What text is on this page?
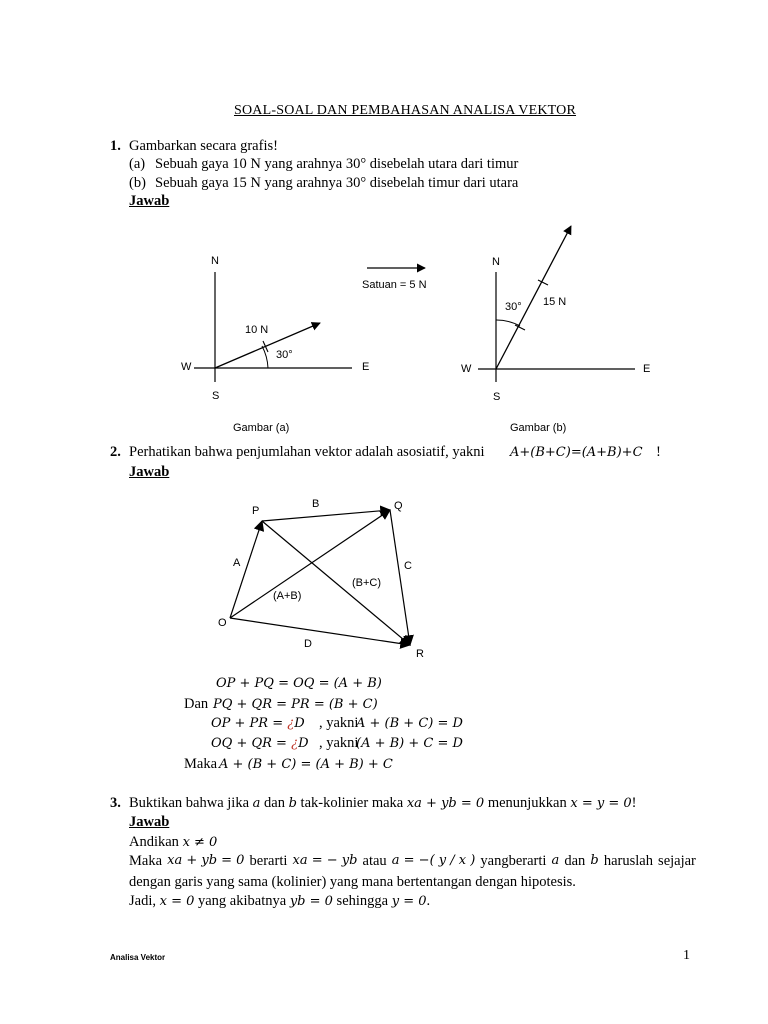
SOAL-SOAL DAN PEMBAHASAN ANALISA VEKTOR
1. Gambarkan secara grafis!
(a) Sebuah gaya 10 N yang arahnya 30° disebelah utara dari timur
(b) Sebuah gaya 15 N yang arahnya 30° disebelah timur dari utara
Jawab
N
S
W	E
10 N
30°
Gambar (a)
Satuan = 5 N
N
S
W	E
15 N
30°
Gambar (b)
2. Perhatikan bahwa penjumlahan vektor adalah asosiatif, yakni A+(B+C)=(A+B)+C !
Jawab
P	Q
R
O
A
B
C
D
(A+B)
(B+C)
OP + PQ = OQ = (A + B)
Dan PQ + QR = PR = (B + C)
OP + PR = ¿D , yakni
A + (B + C) = D
OQ + QR = ¿D , yakni
(A + B) + C = D
Maka A + (B + C) = (A + B) + C
3. Buktikan bahwa jika a dan b tak-kolinier maka xa + yb = 0 menunjukkan x = y = 0!
Jawab
Andikan x ≠ 0
Maka xa + yb = 0 berarti xa = − yb atau a = −( y / x ) yangberarti a dan b haruslah sejajar
dengan garis yang sama (kolinier) yang mana bertentangan dengan hipotesis.
Jadi, x = 0 yang akibatnya yb = 0 sehingga y = 0.
Analisa Vektor	1
